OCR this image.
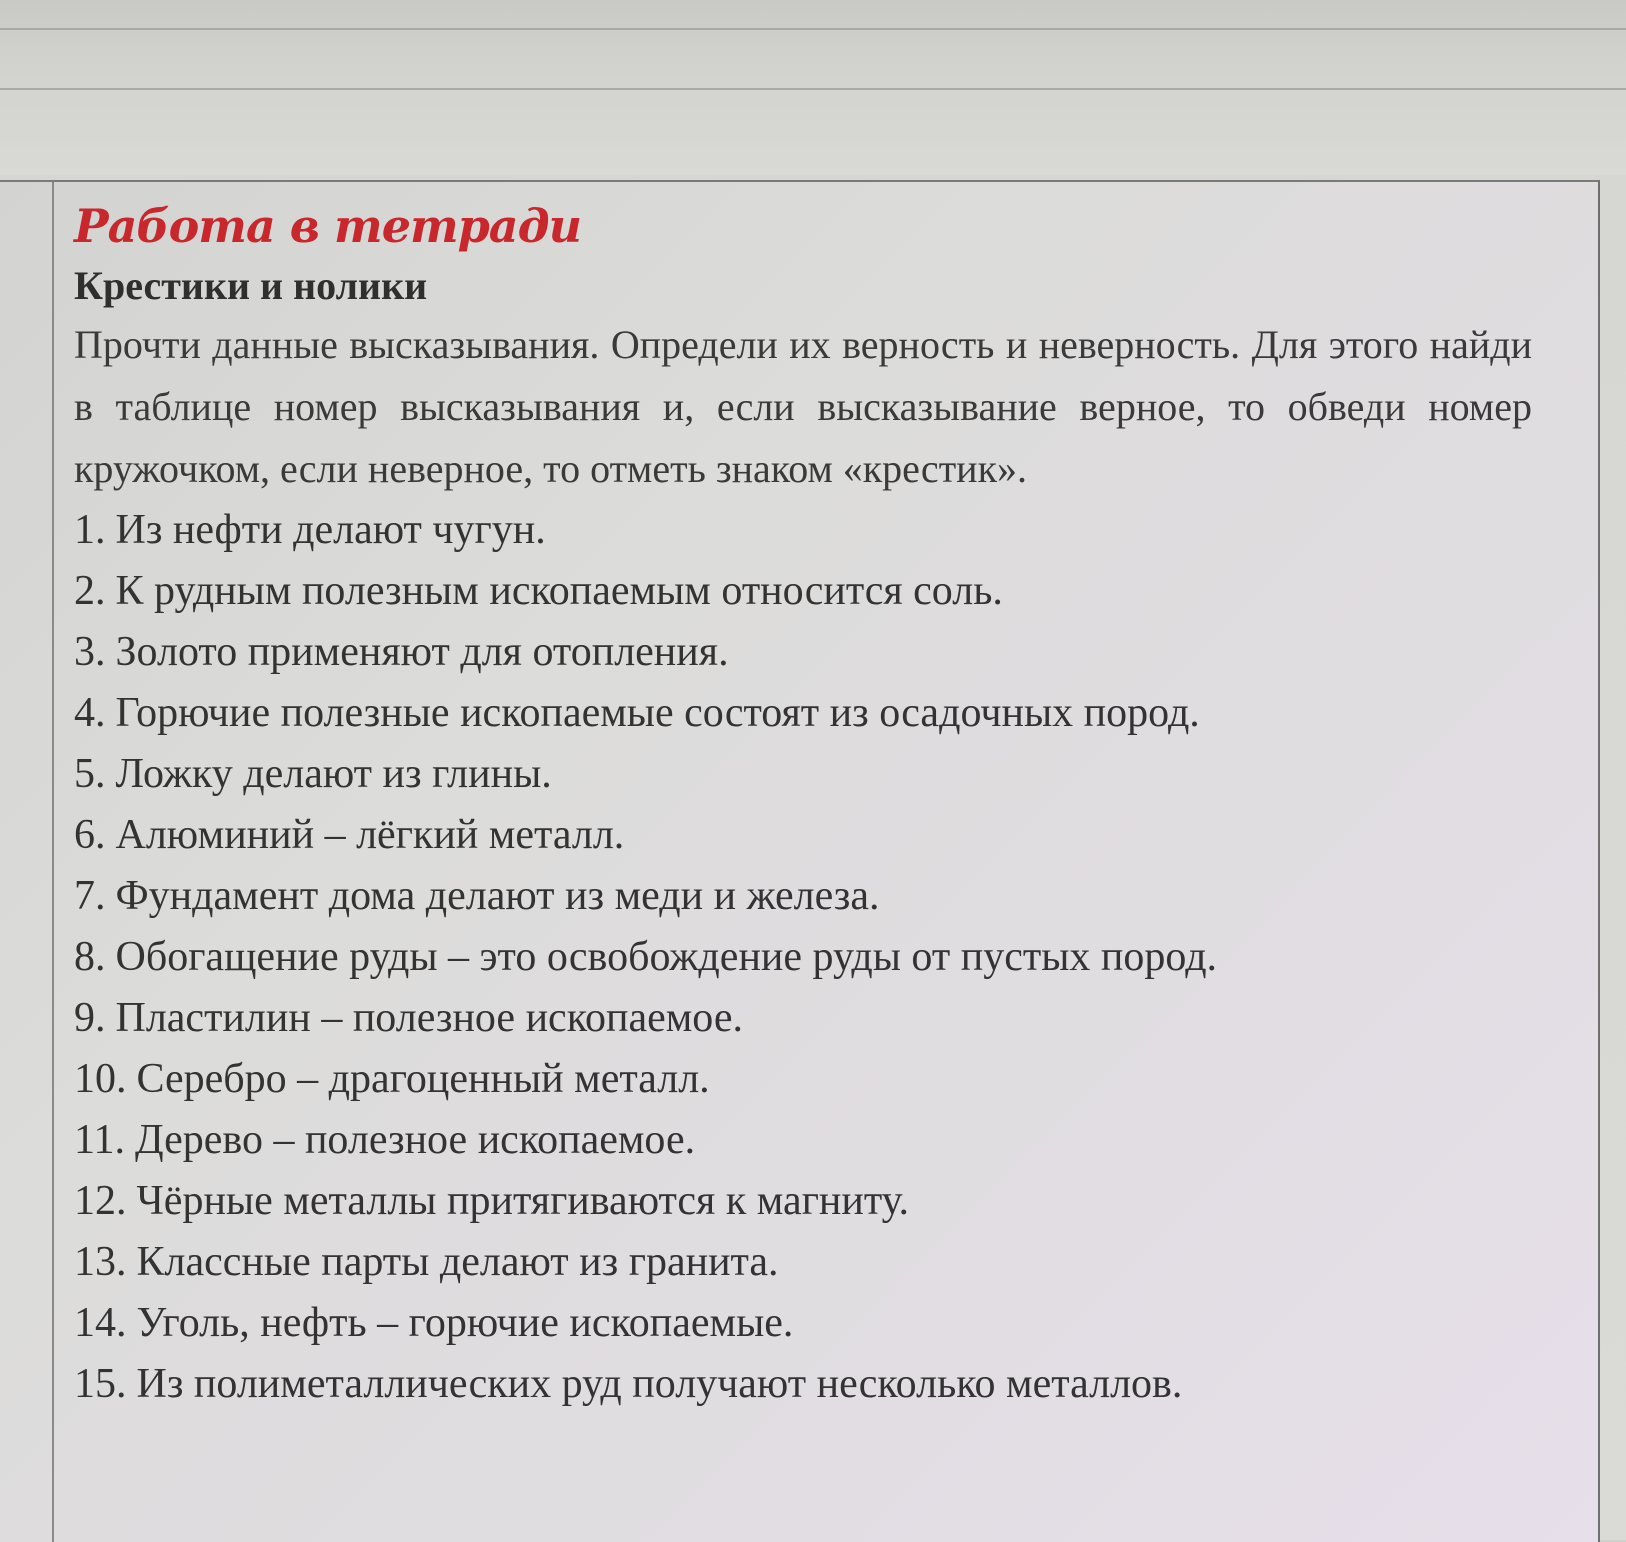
Работа в тетради
Крестики и нолики

Прочти данные высказывания. Определи их верность и неверность. Для этого найди в таблице номер высказывания и, если высказывание верное, то обведи номер кружочком, если неверное, то отметь знаком «крестик».

1. Из нефти делают чугун.
2. К рудным полезным ископаемым относится соль.
3. Золото применяют для отопления.
4. Горючие полезные ископаемые состоят из осадочных пород.
5. Ложку делают из глины.
6. Алюминий – лёгкий металл.
7. Фундамент дома делают из меди и железа.
8. Обогащение руды – это освобождение руды от пустых пород.
9. Пластилин – полезное ископаемое.
10. Серебро – драгоценный металл.
11. Дерево – полезное ископаемое.
12. Чёрные металлы притягиваются к магниту.
13. Классные парты делают из гранита.
14. Уголь, нефть – горючие ископаемые.
15. Из полиметаллических руд получают несколько металлов.
